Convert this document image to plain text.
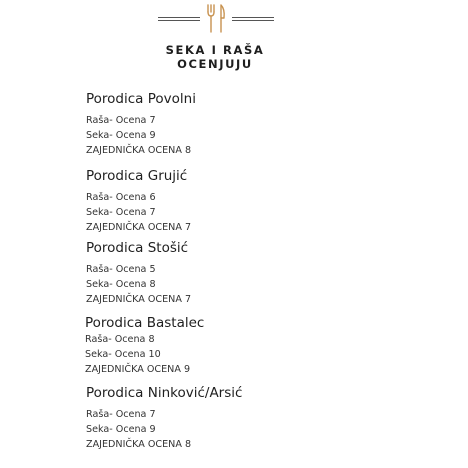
SEKA I RAŠA
OCENJUJU
Porodica Povolni
Raša- Ocena 7
Seka- Ocena 9
ZAJEDNIČKA OCENA 8
Porodica Grujić
Raša- Ocena 6
Seka- Ocena 7
ZAJEDNIČKA OCENA 7
Porodica Stošić
Raša- Ocena 5
Seka- Ocena 8
ZAJEDNIČKA OCENA 7
Porodica Bastalec
Raša- Ocena 8
Seka- Ocena 10
ZAJEDNIČKA OCENA 9
Porodica Ninković/Arsić
Raša- Ocena 7
Seka- Ocena 9
ZAJEDNIČKA OCENA 8
